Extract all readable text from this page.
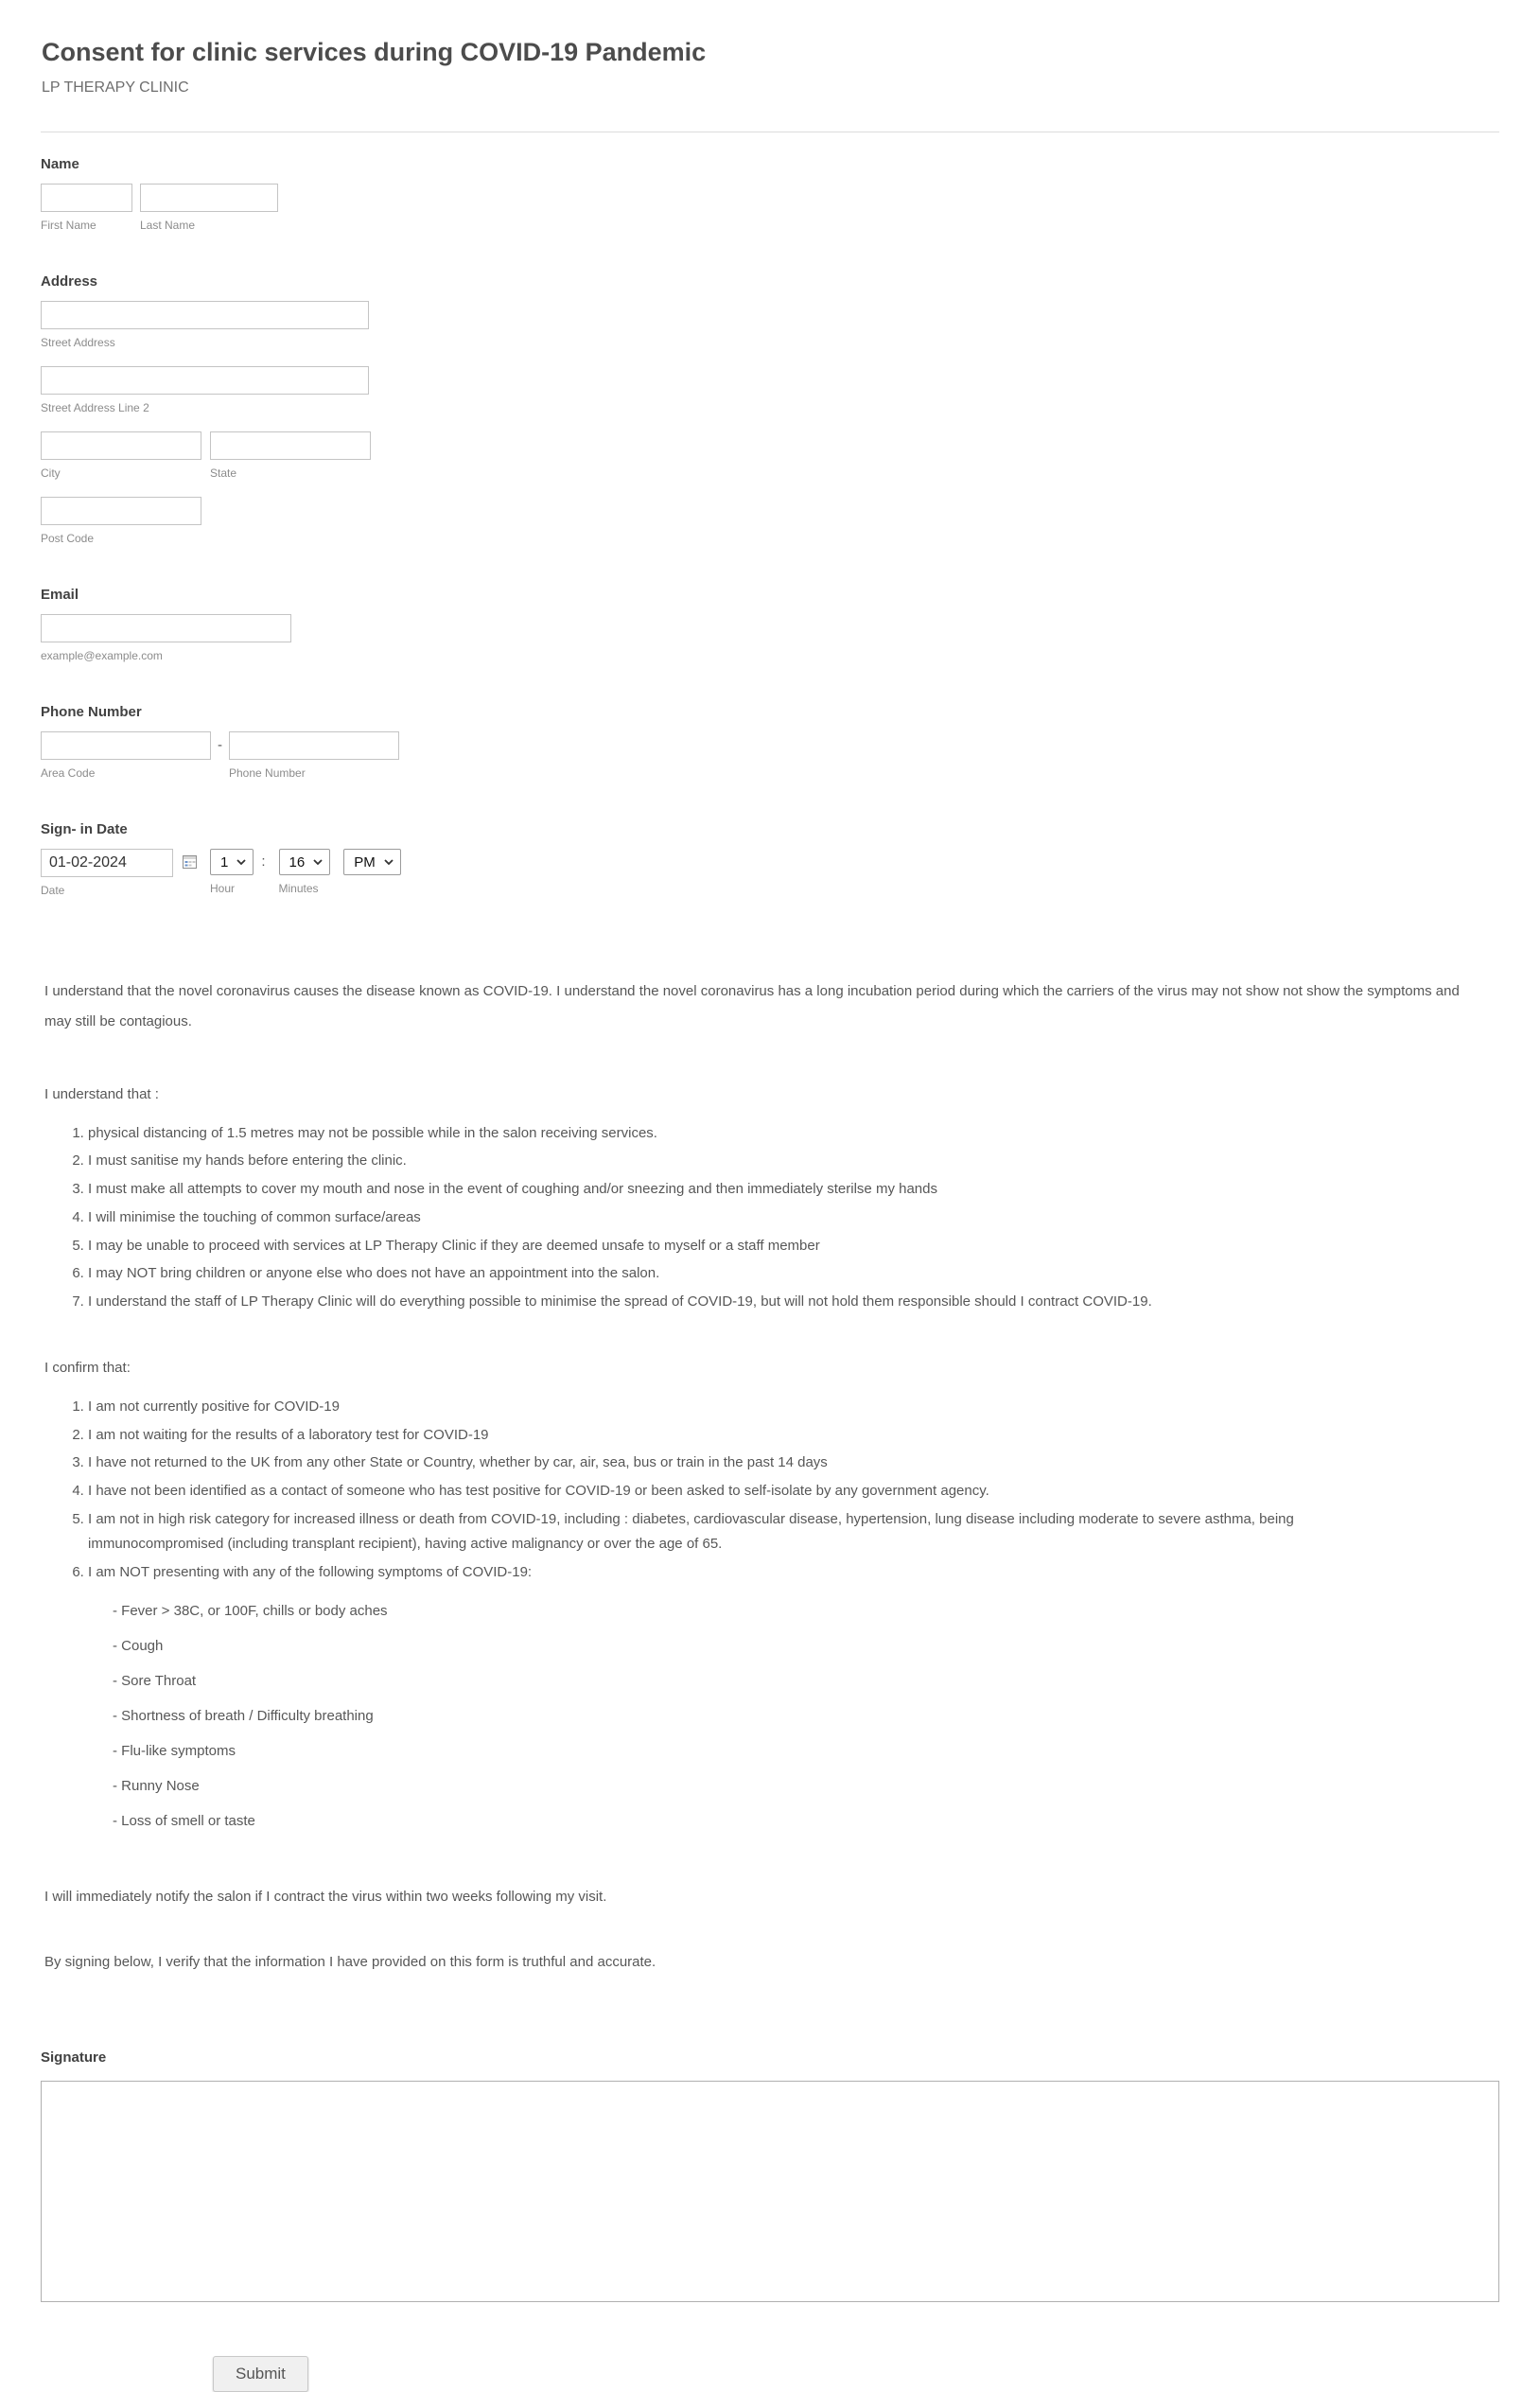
Consent for clinic services during COVID-19 Pandemic
LP THERAPY CLINIC
Name
First Name	Last Name
Address
Street Address
Street Address Line 2
City	State
Post Code
Email
example@example.com
Phone Number
Area Code
-
Phone Number
Sign- in Date
01-02-2024
Date
1
Hour
: 16
Minutes
PM

I understand that the novel coronavirus causes the disease known as COVID-19. I understand the novel coronavirus has a long incubation period during which the carriers of the virus may not show not show the symptoms and may still be contagious.

I understand that :

1. physical distancing of 1.5 metres may not be possible while in the salon receiving services.
2. I must sanitise my hands before entering the clinic.
3. I must make all attempts to cover my mouth and nose in the event of coughing and/or sneezing and then immediately sterilse my hands
4. I will minimise the touching of common surface/areas
5. I may be unable to proceed with services at LP Therapy Clinic if they are deemed unsafe to myself or a staff member
6. I may NOT bring children or anyone else who does not have an appointment into the salon.
7. I understand the staff of LP Therapy Clinic will do everything possible to minimise the spread of COVID-19, but will not hold them responsible should I contract COVID-19.

I confirm that:

1. I am not currently positive for COVID-19
2. I am not waiting for the results of a laboratory test for COVID-19
3. I have not returned to the UK from any other State or Country, whether by car, air, sea, bus or train in the past 14 days
4. I have not been identified as a contact of someone who has test positive for COVID-19 or been asked to self-isolate by any government agency.
5. I am not in high risk category for increased illness or death from COVID-19, including : diabetes, cardiovascular disease, hypertension, lung disease including moderate to severe asthma, being immunocompromised (including transplant recipient), having active malignancy or over the age of 65.
6. I am NOT presenting with any of the following symptoms of COVID-19:
- Fever > 38C, or 100F, chills or body aches
- Cough
- Sore Throat
- Shortness of breath / Difficulty breathing
- Flu-like symptoms
- Runny Nose
- Loss of smell or taste

I will immediately notify the salon if I contract the virus within two weeks following my visit.

By signing below, I verify that the information I have provided on this form is truthful and accurate.

Signature
Submit
